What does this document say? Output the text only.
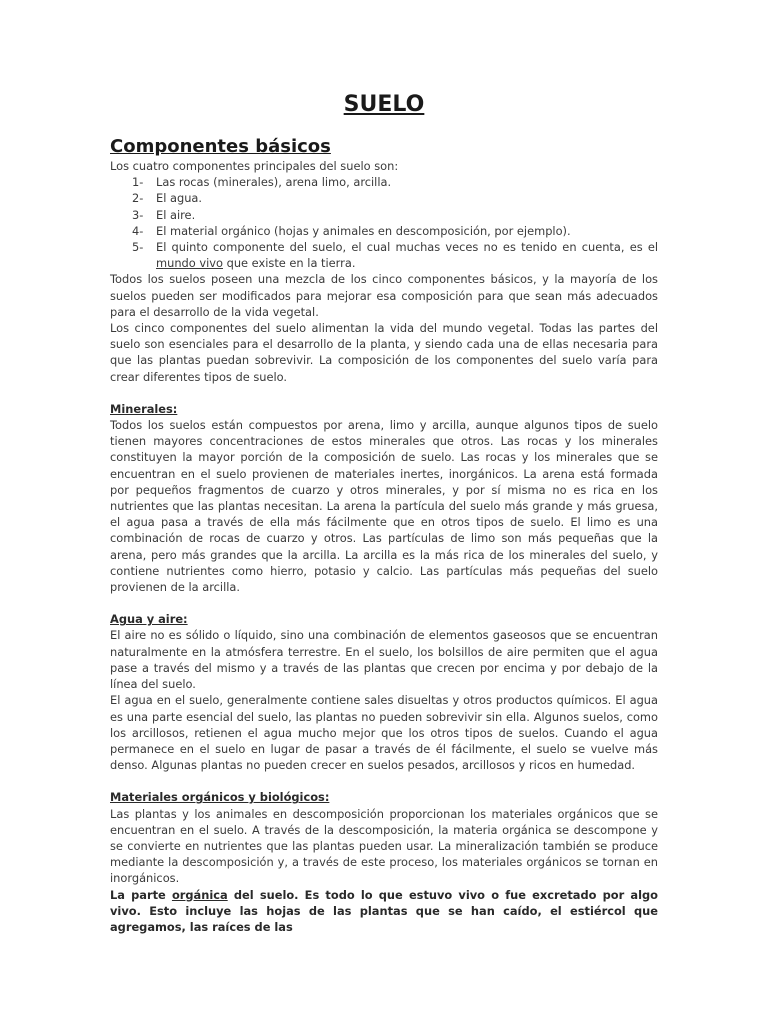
SUELO
Componentes básicos

Los cuatro componentes principales del suelo son:

1-	Las rocas (minerales), arena limo, arcilla.
2-	El agua.
3-	El aire.
4-	El material orgánico (hojas y animales en descomposición, por ejemplo).
5-	El quinto componente del suelo, el cual muchas veces no es tenido en cuenta, es el mundo vivo que existe en la tierra.

Todos los suelos poseen una mezcla de los cinco componentes básicos, y la mayoría de los suelos pueden ser modificados para mejorar esa composición para que sean más adecuados para el desarrollo de la vida vegetal.

Los cinco componentes del suelo alimentan la vida del mundo vegetal. Todas las partes del suelo son esenciales para el desarrollo de la planta, y siendo cada una de ellas necesaria para que las plantas puedan sobrevivir. La composición de los componentes del suelo varía para crear diferentes tipos de suelo.

Minerales:

Todos los suelos están compuestos por arena, limo y arcilla, aunque algunos tipos de suelo tienen mayores concentraciones de estos minerales que otros. Las rocas y los minerales constituyen la mayor porción de la composición de suelo. Las rocas y los minerales que se encuentran en el suelo provienen de materiales inertes, inorgánicos. La arena está formada por pequeños fragmentos de cuarzo y otros minerales, y por sí misma no es rica en los nutrientes que las plantas necesitan. La arena la partícula del suelo más grande y más gruesa, el agua pasa a través de ella más fácilmente que en otros tipos de suelo. El limo es una combinación de rocas de cuarzo y otros. Las partículas de limo son más pequeñas que la arena, pero más grandes que la arcilla. La arcilla es la más rica de los minerales del suelo, y contiene nutrientes como hierro, potasio y calcio. Las partículas más pequeñas del suelo provienen de la arcilla.

Agua y aire:

El aire no es sólido o líquido, sino una combinación de elementos gaseosos que se encuentran naturalmente en la atmósfera terrestre. En el suelo, los bolsillos de aire permiten que el agua pase a través del mismo y a través de las plantas que crecen por encima y por debajo de la línea del suelo.

El agua en el suelo, generalmente contiene sales disueltas y otros productos químicos. El agua es una parte esencial del suelo, las plantas no pueden sobrevivir sin ella. Algunos suelos, como los arcillosos, retienen el agua mucho mejor que los otros tipos de suelos. Cuando el agua permanece en el suelo en lugar de pasar a través de él fácilmente, el suelo se vuelve más denso. Algunas plantas no pueden crecer en suelos pesados, arcillosos y ricos en humedad.

Materiales orgánicos y biológicos:

Las plantas y los animales en descomposición proporcionan los materiales orgánicos que se encuentran en el suelo. A través de la descomposición, la materia orgánica se descompone y se convierte en nutrientes que las plantas pueden usar. La mineralización también se produce mediante la descomposición y, a través de este proceso, los materiales orgánicos se tornan en inorgánicos.

La parte orgánica del suelo. Es todo lo que estuvo vivo o fue excretado por algo vivo. Esto incluye las hojas de las plantas que se han caído, el estiércol que agregamos, las raíces de las
